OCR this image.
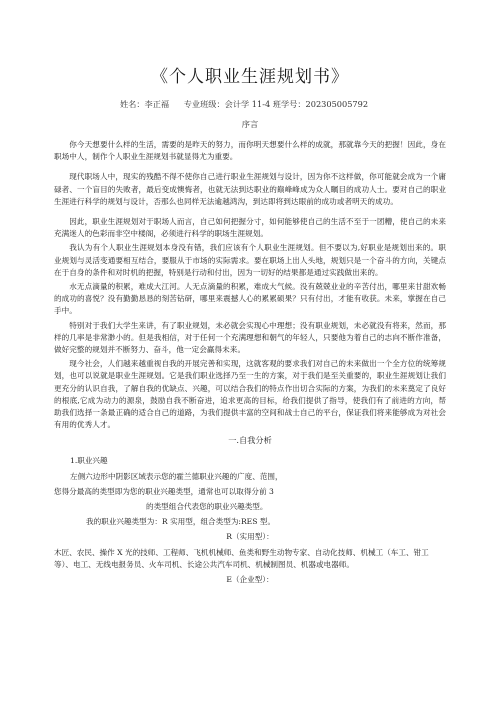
《个人职业生涯规划书》
姓名：李正福 专业班级：会计学 11-4 班学号：202305005792
序言

你今天想要什么样的生活，需要的是昨天的努力，而你明天想要什么样的成就，那就靠今天的把握！因此，身在职场中人，制作个人职业生涯规划书就显得尤为重要。

现代职场人中，现实的残酷不得不使你自己进行职业生涯规划与设计，因为你不这样做，你可能就会成为一个庸碌者、一个盲目的失败者，最后变成懊悔者，也就无法到达职业的巅峰峰成为众人瞩目的成功人士。要对自己的职业生涯进行科学的规划与设计，否那么也同样无法逾越鸿沟，到达即将到达眼前的成功或者明天的成功。

因此，职业生涯规划对于职场人而言，自己如何把握分寸，如何能够使自己的生活不至于一团糟，使自己的未来充满迷人的色彩而非空中楼阁，必须进行科学的职场生涯规划。

我认为有个人职业生涯规划本身没有错，我们应该有个人职业生涯规划。但不要以为,好职业是规划出来的。职业规划与灵活变通要相互结合，要服从于市场的实际需求。要在职场上出人头地，规划只是一个奋斗的方向，关键点在于自身的条件和对时机的把握，特别是行动和付出，因为一切好的结果都是通过实践做出来的。

水无点滴量的积累，难成大江河。人无点滴量的积累，难成大气候。没有兢兢业业的辛苦付出，哪里来甘甜欢畅的成功的喜悦？没有勤勤恳恳的刻苦钻研，哪里来震撼人心的累累硕果？只有付出，才能有收获。未来，掌握在自己手中。

特别对于我们大学生来讲，有了职业规划，未必就会实现心中理想；没有职业规划，未必就没有将来，然而，那样的几率是非常渺小的。但是我相信，对于任何一个充满理想和朝气的年轻人，只要他为着自己的志向不断作准备，做好完整的规划并不断努力、奋斗，他一定会赢得未来。

现今社会，人们越来越重视自我的开展完善和实现，这就客观的要求我们对自己的未来做出一个全方位的统筹规划，也可以说就是职业生涯规划。它是我们职业选择乃至一生的方案，对于我们是至关重要的，职业生涯规划让我们更充分的认识自我，了解自我的优缺点、兴趣，可以结合我们的特点作出切合实际的方案，为我们的未来奠定了良好的根底,它成为动力的源泉，鼓励自我不断奋进，追求更高的目标，给我们提供了指导，使我们有了前进的方向，帮助我们选择一条最正确的适合自己的道路，为我们提供丰富的空间和战士自己的平台，保证我们将来能够成为对社会有用的优秀人才。

一.自我分析

1.职业兴趣

左侧六边形中阴影区域表示您的霍兰德职业兴趣的广度、范围，

您得分最高的类型即为您的职业兴趣类型，通常也可以取得分前 3

的类型组合代表您的职业兴趣类型。

我的职业兴趣类型为：R 实用型，组合类型为:RES 型。

R（实用型）：

木匠、农民、操作 X 光的技师、工程师、飞机机械师、鱼类和野生动物专家、自动化技师、机械工（车工、钳工等）、电工、无线电报务员、火车司机、长途公共汽车司机、机械制图员、机器或电器师。

E（企业型）：
